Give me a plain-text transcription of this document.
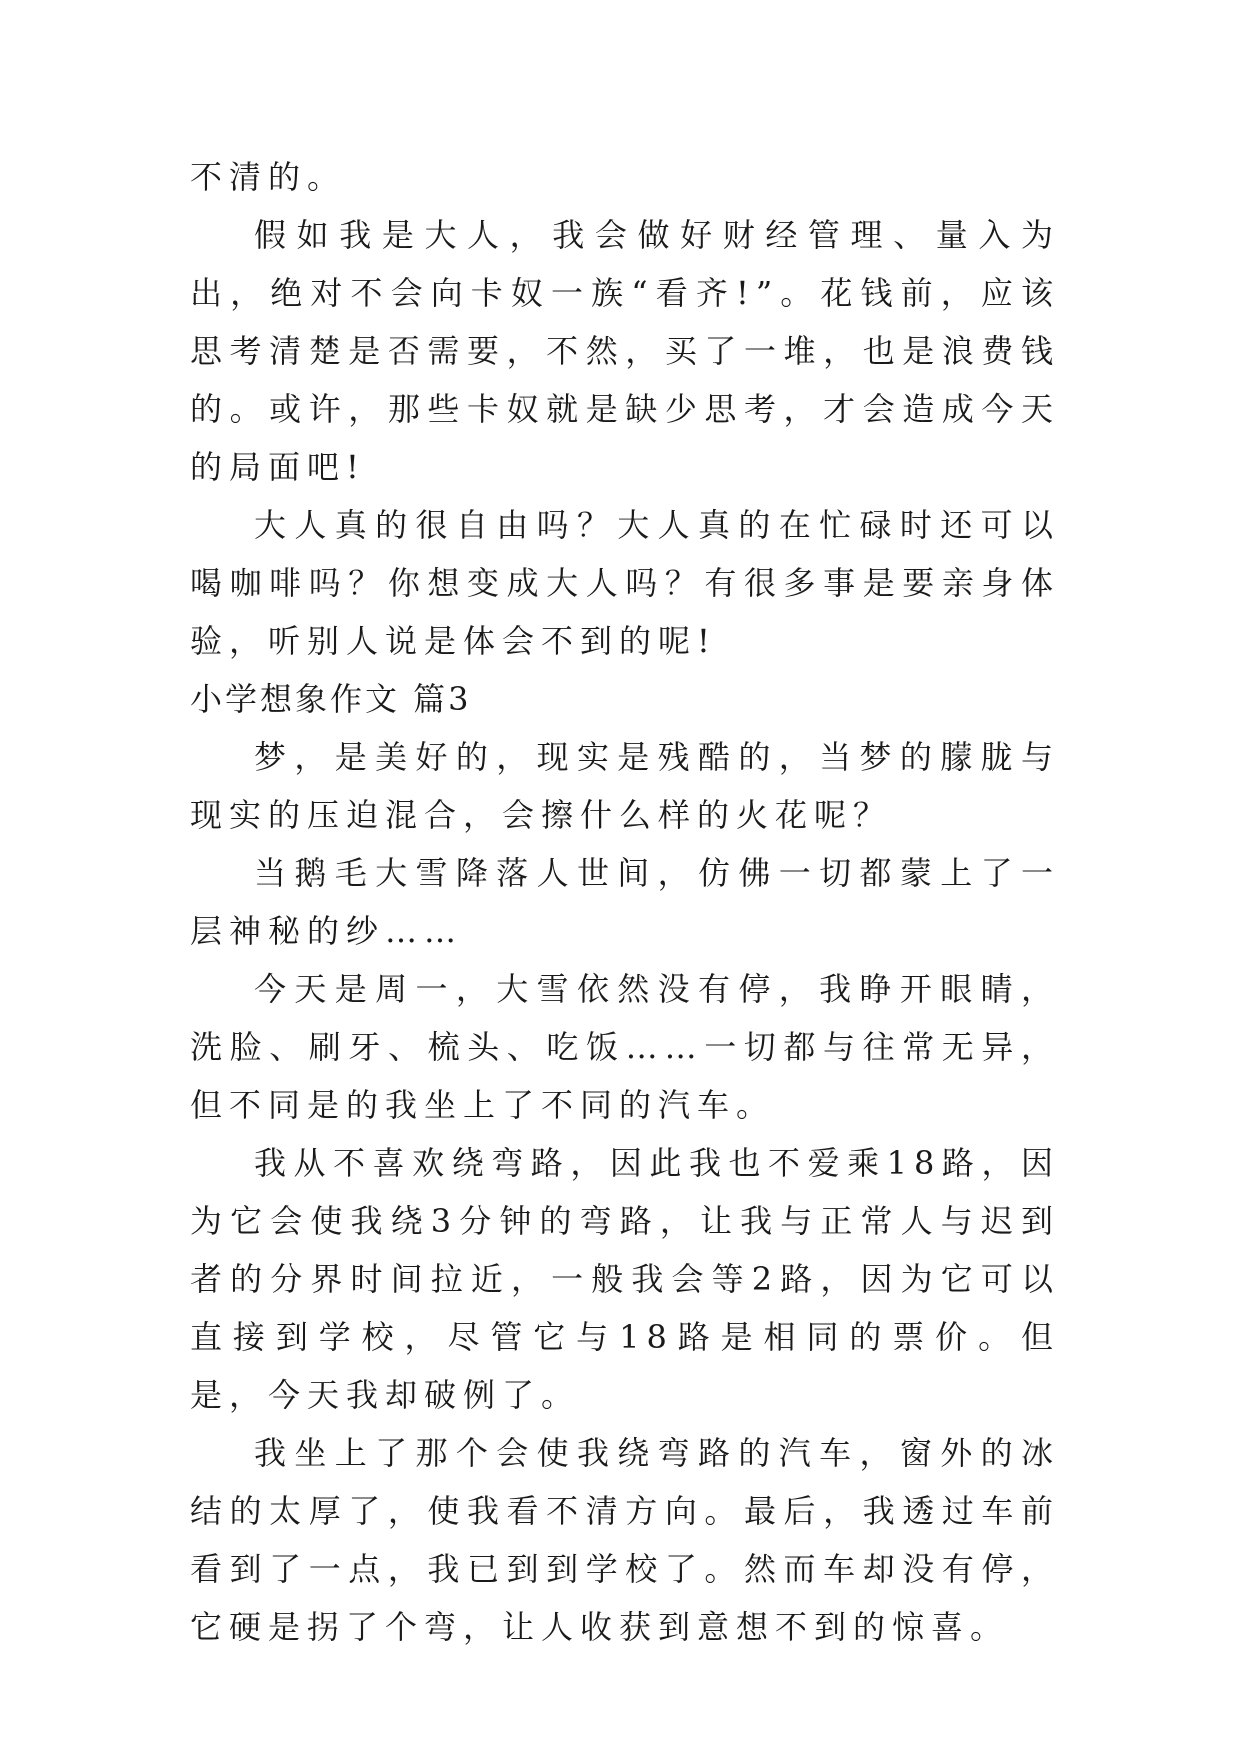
不清的。

假如我是大人，我会做好财经管理、量入为出，绝对不会向卡奴一族“看齐!”。花钱前，应该思考清楚是否需要，不然，买了一堆，也是浪费钱的。或许，那些卡奴就是缺少思考，才会造成今天的局面吧!

大人真的很自由吗？大人真的在忙碌时还可以喝咖啡吗？你想变成大人吗？有很多事是要亲身体验，听别人说是体会不到的呢!

小学想象作文 篇3

梦，是美好的，现实是残酷的，当梦的朦胧与现实的压迫混合，会擦什么样的火花呢？

当鹅毛大雪降落人世间，仿佛一切都蒙上了一层神秘的纱……

今天是周一，大雪依然没有停，我睁开眼睛，洗脸、刷牙、梳头、吃饭……一切都与往常无异，但不同是的我坐上了不同的汽车。

我从不喜欢绕弯路，因此我也不爱乘18路，因为它会使我绕3分钟的弯路，让我与正常人与迟到者的分界时间拉近，一般我会等2路，因为它可以直接到学校，尽管它与18路是相同的票价。但是，今天我却破例了。

我坐上了那个会使我绕弯路的汽车，窗外的冰结的太厚了，使我看不清方向。最后，我透过车前看到了一点，我已到到学校了。然而车却没有停，它硬是拐了个弯，让人收获到意想不到的惊喜。
